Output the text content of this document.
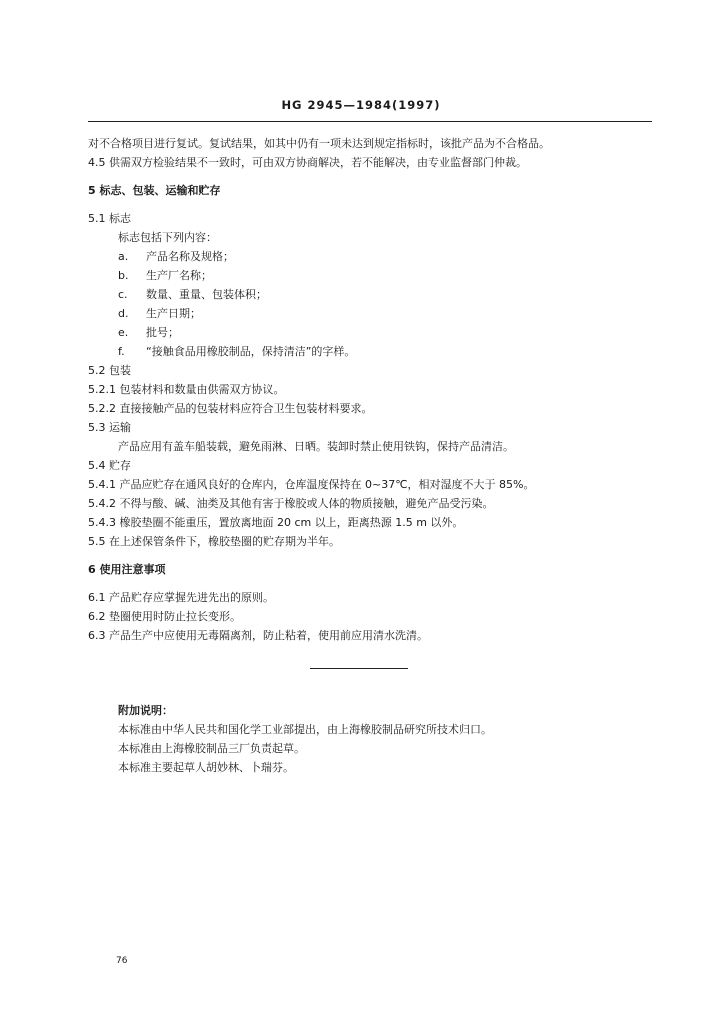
HG 2945—1984(1997)
对不合格项目进行复试。复试结果，如其中仍有一项未达到规定指标时，该批产品为不合格品。
4.5 供需双方检验结果不一致时，可由双方协商解决，若不能解决，由专业监督部门仲裁。
5 标志、包装、运输和贮存
5.1 标志
标志包括下列内容：
a. 产品名称及规格；
b. 生产厂名称；
c. 数量、重量、包装体积；
d. 生产日期；
e. 批号；
f. “接触食品用橡胶制品，保持清洁”的字样。
5.2 包装
5.2.1 包装材料和数量由供需双方协议。
5.2.2 直接接触产品的包装材料应符合卫生包装材料要求。
5.3 运输
产品应用有盖车船装载，避免雨淋、日晒。装卸时禁止使用铁钩，保持产品清洁。
5.4 贮存
5.4.1 产品应贮存在通风良好的仓库内，仓库温度保持在 0~37℃，相对湿度不大于 85%。
5.4.2 不得与酸、碱、油类及其他有害于橡胶或人体的物质接触，避免产品受污染。
5.4.3 橡胶垫圈不能重压，置放离地面 20 cm 以上，距离热源 1.5 m 以外。
5.5 在上述保管条件下，橡胶垫圈的贮存期为半年。
6 使用注意事项
6.1 产品贮存应掌握先进先出的原则。
6.2 垫圈使用时防止拉长变形。
6.3 产品生产中应使用无毒隔离剂，防止粘着，使用前应用清水洗清。
附加说明：
本标准由中华人民共和国化学工业部提出，由上海橡胶制品研究所技术归口。
本标准由上海橡胶制品三厂负责起草。
本标准主要起草人胡妙林、卜瑞芬。
76
